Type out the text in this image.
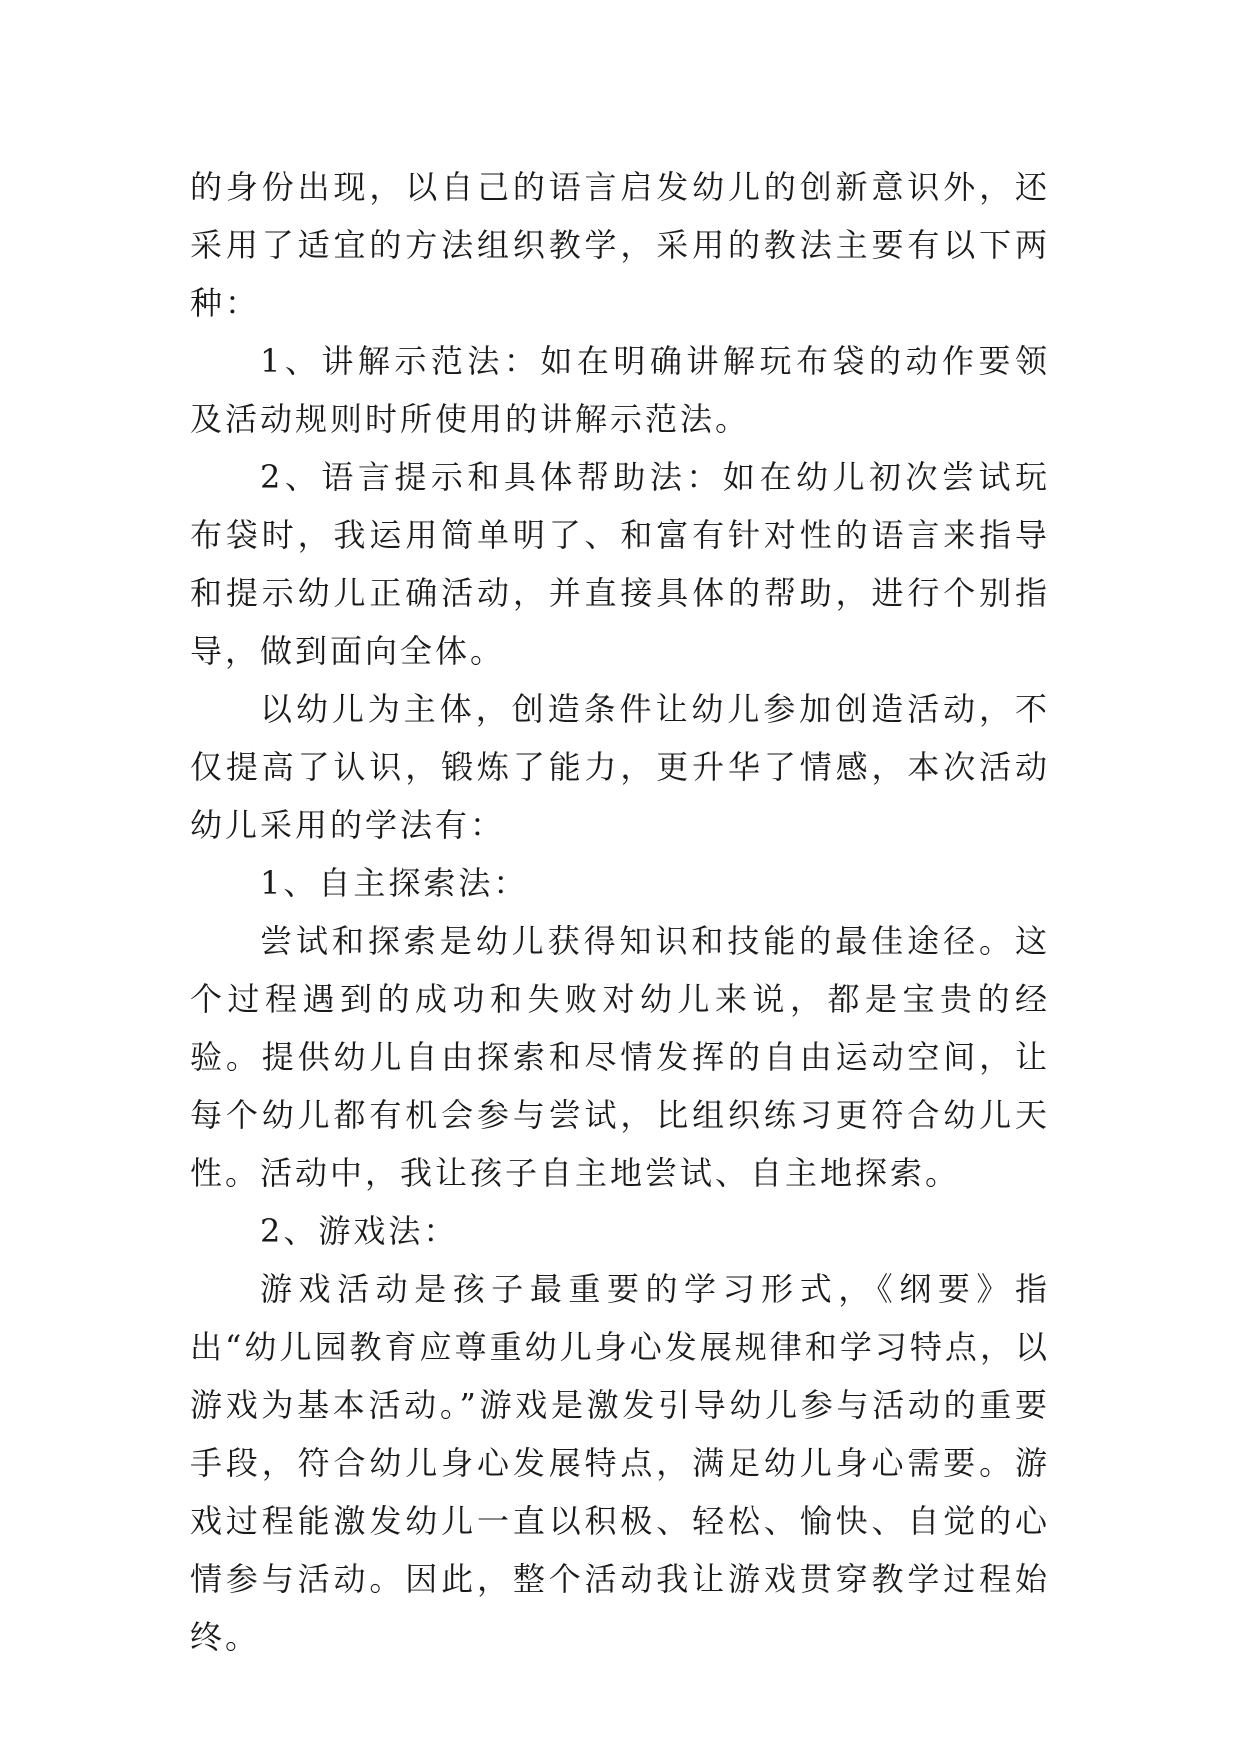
的身份出现，以自己的语言启发幼儿的创新意识外，还采用了适宜的方法组织教学，采用的教法主要有以下两种：

1、讲解示范法：如在明确讲解玩布袋的动作要领及活动规则时所使用的讲解示范法。

2、语言提示和具体帮助法：如在幼儿初次尝试玩布袋时，我运用简单明了、和富有针对性的语言来指导和提示幼儿正确活动，并直接具体的帮助，进行个别指导，做到面向全体。

以幼儿为主体，创造条件让幼儿参加创造活动，不仅提高了认识，锻炼了能力，更升华了情感，本次活动幼儿采用的学法有：

1、自主探索法：

尝试和探索是幼儿获得知识和技能的最佳途径。这个过程遇到的成功和失败对幼儿来说，都是宝贵的经验。提供幼儿自由探索和尽情发挥的自由运动空间，让每个幼儿都有机会参与尝试，比组织练习更符合幼儿天性。活动中，我让孩子自主地尝试、自主地探索。

2、游戏法：

游戏活动是孩子最重要的学习形式，《纲要》指出“幼儿园教育应尊重幼儿身心发展规律和学习特点，以游戏为基本活动。”游戏是激发引导幼儿参与活动的重要手段，符合幼儿身心发展特点，满足幼儿身心需要。游戏过程能激发幼儿一直以积极、轻松、愉快、自觉的心情参与活动。因此，整个活动我让游戏贯穿教学过程始终。
